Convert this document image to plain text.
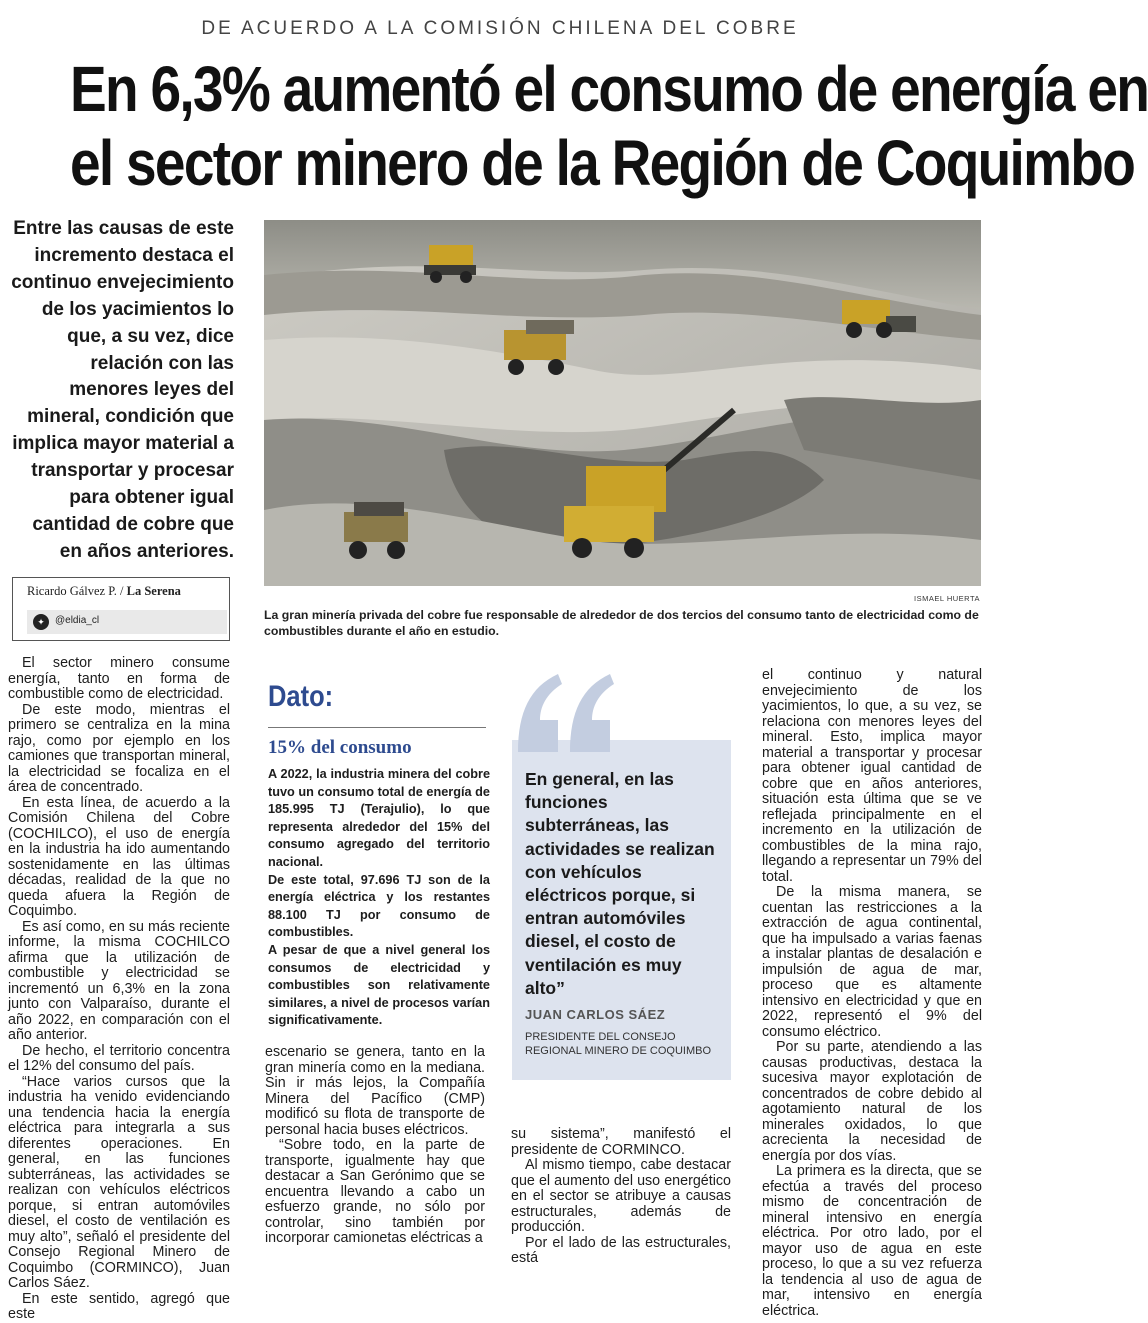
DE ACUERDO A LA COMISIÓN CHILENA DEL COBRE
En 6,3% aumentó el consumo de energía en
el sector minero de la Región de Coquimbo
Entre las causas de este incremento destaca el continuo envejecimiento de los yacimientos lo que, a su vez, dice relación con las menores leyes del mineral, condición que implica mayor material a transportar y procesar para obtener igual cantidad de cobre que en años anteriores.
ISMAEL HUERTA
La gran minería privada del cobre fue responsable de alrededor de dos tercios del consumo tanto de electricidad como de combustibles durante el año en estudio.
Ricardo Gálvez P. / La Serena
✦	@eldia_cl

El sector minero consume energía, tanto en forma de combustible como de electricidad.

De este modo, mientras el primero se centraliza en la mina rajo, como por ejemplo en los camiones que transportan mineral, la electricidad se focaliza en el área de concentrado.

En esta línea, de acuerdo a la Comisión Chilena del Cobre (COCHILCO), el uso de energía en la industria ha ido aumentando sostenidamente en las últimas décadas, realidad de la que no queda afuera la Región de Coquimbo.

Es así como, en su más reciente informe, la misma COCHILCO afirma que la utilización de combustible y electricidad se incrementó un 6,3% en la zona junto con Valparaíso, durante el año 2022, en comparación con el año anterior.

De hecho, el territorio concentra el 12% del consumo del país.

“Hace varios cursos que la industria ha venido evidenciando una tendencia hacia la energía eléctrica para integrarla a sus diferentes operaciones. En general, en las funciones subterráneas, las actividades se realizan con vehículos eléctricos porque, si entran automóviles diesel, el costo de ventilación es muy alto”, señaló el presidente del Consejo Regional Minero de Coquimbo (CORMINCO), Juan Carlos Sáez.

En este sentido, agregó que este

Dato:
15% del consumo

A 2022, la industria minera del cobre tuvo un consumo total de energía de 185.995 TJ (Terajulio), lo que representa alrededor del 15% del consumo agregado del territorio nacional.

De este total, 97.696 TJ son de la energía eléctrica y los restantes 88.100 TJ por consumo de combustibles.

A pesar de que a nivel general los consumos de electricidad y combustibles son relativamente similares, a nivel de procesos varían significativamente.

escenario se genera, tanto en la gran minería como en la mediana. Sin ir más lejos, la Compañía Minera del Pacífico (CMP) modificó su flota de transporte de personal hacia buses eléctricos.

“Sobre todo, en la parte de transporte, igualmente hay que destacar a San Gerónimo que se encuentra llevando a cabo un esfuerzo grande, no sólo por controlar, sino también por incorporar camionetas eléctricas a

En general, en las funciones subterráneas, las actividades se realizan con vehículos eléctricos porque, si entran automóviles diesel, el costo de ventilación es muy alto”
JUAN CARLOS SÁEZ
PRESIDENTE DEL CONSEJO REGIONAL MINERO DE COQUIMBO

su sistema”, manifestó el presidente de CORMINCO.

Al mismo tiempo, cabe destacar que el aumento del uso energético en el sector se atribuye a causas estructurales, además de producción.

Por el lado de las estructurales, está

el continuo y natural envejecimiento de los yacimientos, lo que, a su vez, se relaciona con menores leyes del mineral. Esto, implica mayor material a transportar y procesar para obtener igual cantidad de cobre que en años anteriores, situación esta última que se ve reflejada principalmente en el incremento en la utilización de combustibles de la mina rajo, llegando a representar un 79% del total.

De la misma manera, se cuentan las restricciones a la extracción de agua continental, que ha impulsado a varias faenas a instalar plantas de desalación e impulsión de agua de mar, proceso que es altamente intensivo en electricidad y que en 2022, representó el 9% del consumo eléctrico.

Por su parte, atendiendo a las causas productivas, destaca la sucesiva mayor explotación de concentrados de cobre debido al agotamiento natural de los minerales oxidados, lo que acrecienta la necesidad de energía por dos vías.

La primera es la directa, que se efectúa a través del proceso mismo de concentración de mineral intensivo en energía eléctrica. Por otro lado, por el mayor uso de agua en este proceso, lo que a su vez refuerza la tendencia al uso de agua de mar, intensivo en energía eléctrica.
